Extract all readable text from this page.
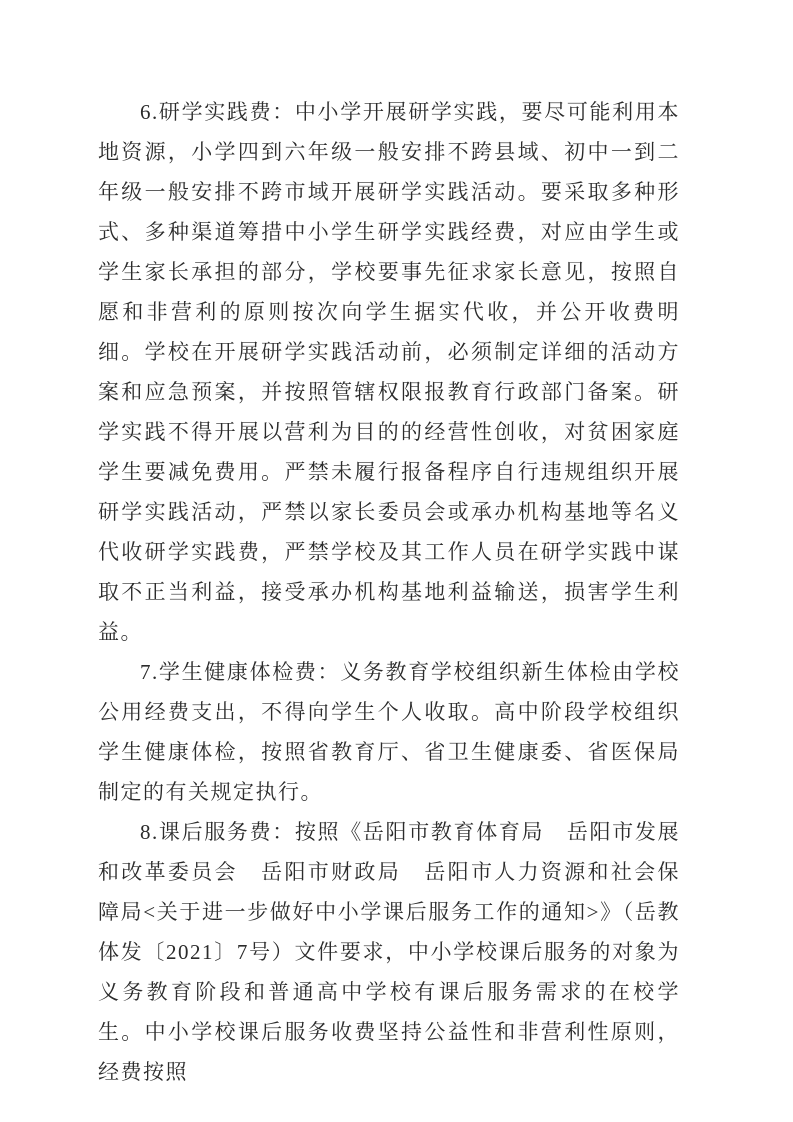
6.研学实践费：中小学开展研学实践，要尽可能利用本地资源，小学四到六年级一般安排不跨县域、初中一到二年级一般安排不跨市域开展研学实践活动。要采取多种形式、多种渠道筹措中小学生研学实践经费，对应由学生或学生家长承担的部分，学校要事先征求家长意见，按照自愿和非营利的原则按次向学生据实代收，并公开收费明细。学校在开展研学实践活动前，必须制定详细的活动方案和应急预案，并按照管辖权限报教育行政部门备案。研学实践不得开展以营利为目的的经营性创收，对贫困家庭学生要减免费用。严禁未履行报备程序自行违规组织开展研学实践活动，严禁以家长委员会或承办机构基地等名义代收研学实践费，严禁学校及其工作人员在研学实践中谋取不正当利益，接受承办机构基地利益输送，损害学生利益。

7.学生健康体检费：义务教育学校组织新生体检由学校公用经费支出，不得向学生个人收取。高中阶段学校组织学生健康体检，按照省教育厅、省卫生健康委、省医保局制定的有关规定执行。

8.课后服务费：按照《岳阳市教育体育局　岳阳市发展和改革委员会　岳阳市财政局　岳阳市人力资源和社会保障局<关于进一步做好中小学课后服务工作的通知>》（岳教体发〔2021〕7号）文件要求，中小学校课后服务的对象为义务教育阶段和普通高中学校有课后服务需求的在校学生。中小学校课后服务收费坚持公益性和非营利性原则，经费按照
